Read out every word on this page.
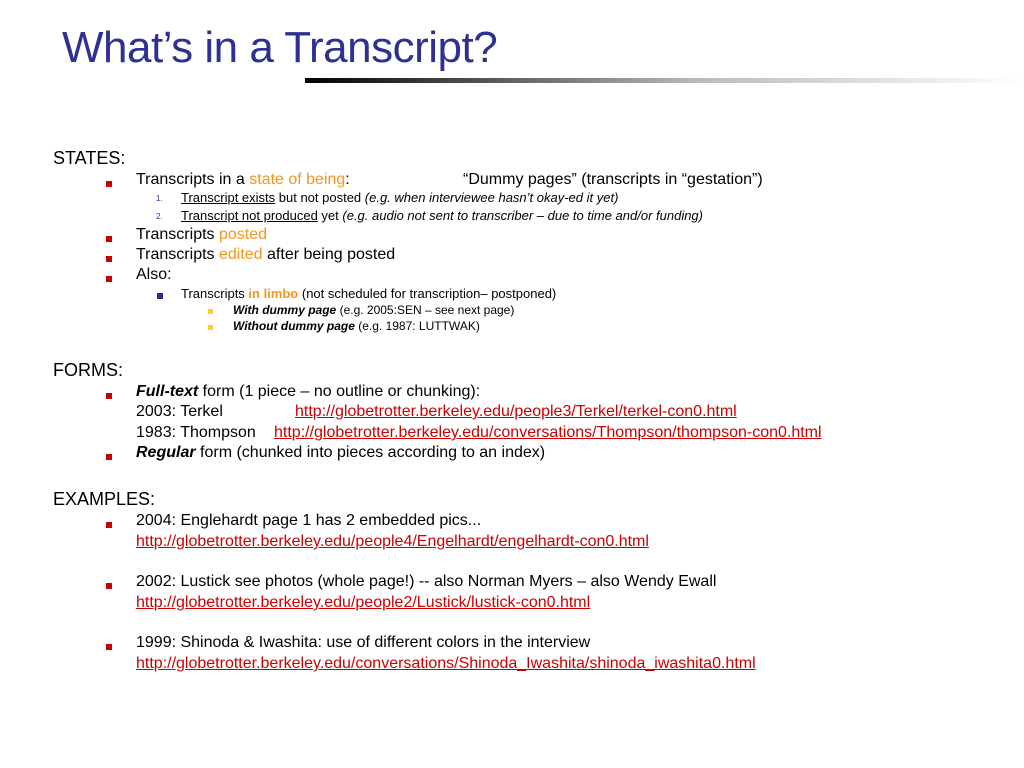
What’s in a Transcript?
STATES:
Transcripts in a state of being:	“Dummy pages” (transcripts in “gestation”)
1. Transcript exists but not posted (e.g. when interviewee hasn’t okay-ed it yet)
2. Transcript not produced yet (e.g. audio not sent to transcriber – due to time and/or funding)
Transcripts posted
Transcripts edited after being posted
Also:
Transcripts in limbo (not scheduled for transcription– postponed)
With dummy page (e.g. 2005:SEN – see next page)
Without dummy page (e.g. 1987: LUTTWAK)
FORMS:
Full-text form (1 piece – no outline or chunking):
2003: Terkel	http://globetrotter.berkeley.edu/people3/Terkel/terkel-con0.html
1983: Thompson http://globetrotter.berkeley.edu/conversations/Thompson/thompson-con0.html
Regular form (chunked into pieces according to an index)
EXAMPLES:
2004: Englehardt page 1 has 2 embedded pics...
http://globetrotter.berkeley.edu/people4/Engelhardt/engelhardt-con0.html
2002: Lustick see photos (whole page!) -- also Norman Myers – also Wendy Ewall
http://globetrotter.berkeley.edu/people2/Lustick/lustick-con0.html
1999: Shinoda & Iwashita: use of different colors in the interview
http://globetrotter.berkeley.edu/conversations/Shinoda_Iwashita/shinoda_iwashita0.html
